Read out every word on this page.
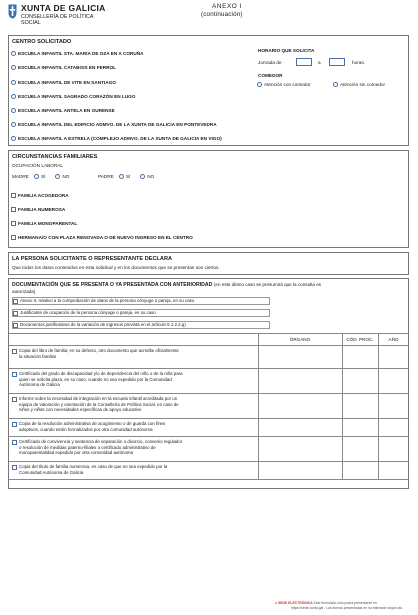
XUNTA DE GALICIA
CONSELLERÍA DE POLÍTICA
SOCIAL
ANEXO I
(continuación)
CENTRO SOLICITADO
ESCUELA INFANTIL STA. MARÍA DE OZA EN A CORUÑA
ESCUELA INFANTIL CATABOIS EN FERROL
ESCUELA INFANTIL DE VITE EN SANTIAGO
ESCUELA INFANTIL SAGRADO CORAZÓN EN LUGO
ESCUELA INFANTIL ANTELA EN OURENSE
ESCUELA INFANTIL DEL EDIFICIO ADMVO. DE LA XUNTA DE GALICIA EN PONTEVEDRA
ESCUELA INFANTIL A ESTRELA (COMPLEJO ADMVO. DE LA XUNTA DE GALICIA EN VIGO)
HORARIO QUE SOLICITA
Jornada de	a	horas.
COMEDOR
Atención con comedor	Atención sin comedor
CIRCUNSTANCIAS FAMILIARES
OCUPACIÓN LABORAL
MADRE	SÍ	NO	PADRE	SÍ	NO
FAMILIA ACOGEDORA
FAMILIA NUMEROSA
FAMILIA MONOPARENTAL
HERMANA/O CON PLAZA RENOVADA O DE NUEVO INGRESO EN EL CENTRO
LA PERSONA SOLICITANTE O REPRESENTANTE DECLARA
Que todos los datos contenidos en esta solicitud y en los documentos que se presentan son ciertos.
DOCUMENTACIÓN QUE SE PRESENTA O YA PRESENTADA CON ANTERIORIDAD (en este último caso se presumirá que la consulta es
autorizada)
Anexo II, relativo a la comprobación de datos de la persona cónyuge o pareja, en su caso
Justificante de ocupación de la persona cónyuge o pareja, en su caso
Documentos justificativos de la variación de ingresos prevista en el artículo 5.1.2.2.g)
ÓRGANO	CÓD. PROC.	AÑO
Copia del libro de familia; en su defecto, otro documento que acredite oficialmente
la situación familiar
Certificado del grado de discapacidad y/o de dependencia del niño o de la niña para
quien se solicita plaza, en su caso, cuando no sea expedido por la Comunidad
Autónoma de Galicia
Informe sobre la necesidad de integración en la escuela infantil acreditada por un
equipo de valoración y orientación de la Consellería de Política Social, en caso de
niños y niñas con necesidades específicas de apoyo educativo
Copia de la resolución administrativa de acogimiento o de guarda con fines
adoptivos, cuando estén formalizados por otra comunidad autónoma
Certificado de convivencia y sentencia de separación o divorcio, convenio regulador
o resolución de medidas paterno-filiales o certificado administrativo de
monoparentalidad expedido por otra comunidad autónoma
Copia del título de familia numerosa, en caso de que no sea expedido por la
Comunidad Autónoma de Galicia
● SEDE ELECTRÓNICA Este formulario solo podrá presentarse en
https://sede.xunta.gal . Las formas presentadas en su rellenado según las
